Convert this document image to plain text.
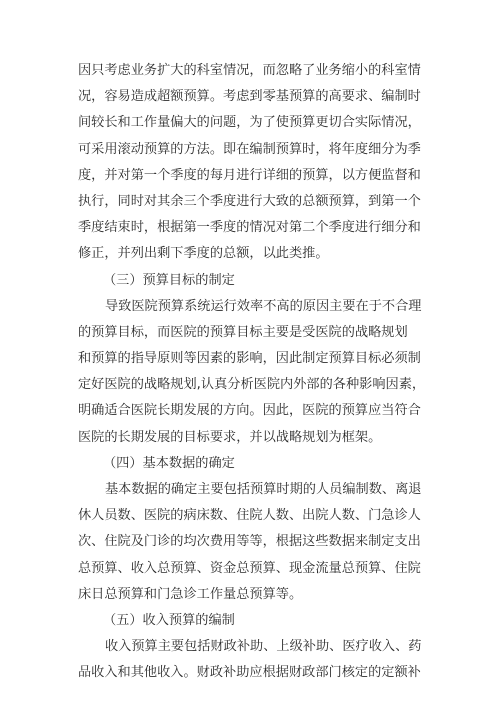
因只考虑业务扩大的科室情况，而忽略了业务缩小的科室情
况，容易造成超额预算。考虑到零基预算的高要求、编制时
间较长和工作量偏大的问题，为了使预算更切合实际情况，
可采用滚动预算的方法。即在编制预算时，将年度细分为季
度，并对第一个季度的每月进行详细的预算，以方便监督和
执行，同时对其余三个季度进行大致的总额预算，到第一个
季度结束时，根据第一季度的情况对第二个季度进行细分和
修正，并列出剩下季度的总额，以此类推。
（三）预算目标的制定
导致医院预算系统运行效率不高的原因主要在于不合理
的预算目标，而医院的预算目标主要是受医院的战略规划
和预算的指导原则等因素的影响，因此制定预算目标必须制
定好医院的战略规划,认真分析医院内外部的各种影响因素，
明确适合医院长期发展的方向。因此，医院的预算应当符合
医院的长期发展的目标要求，并以战略规划为框架。
（四）基本数据的确定
基本数据的确定主要包括预算时期的人员编制数、离退
休人员数、医院的病床数、住院人数、出院人数、门急诊人
次、住院及门诊的均次费用等等，根据这些数据来制定支出
总预算、收入总预算、资金总预算、现金流量总预算、住院
床日总预算和门急诊工作量总预算等。
（五）收入预算的编制
收入预算主要包括财政补助、上级补助、医疗收入、药
品收入和其他收入。财政补助应根据财政部门核定的定额补
